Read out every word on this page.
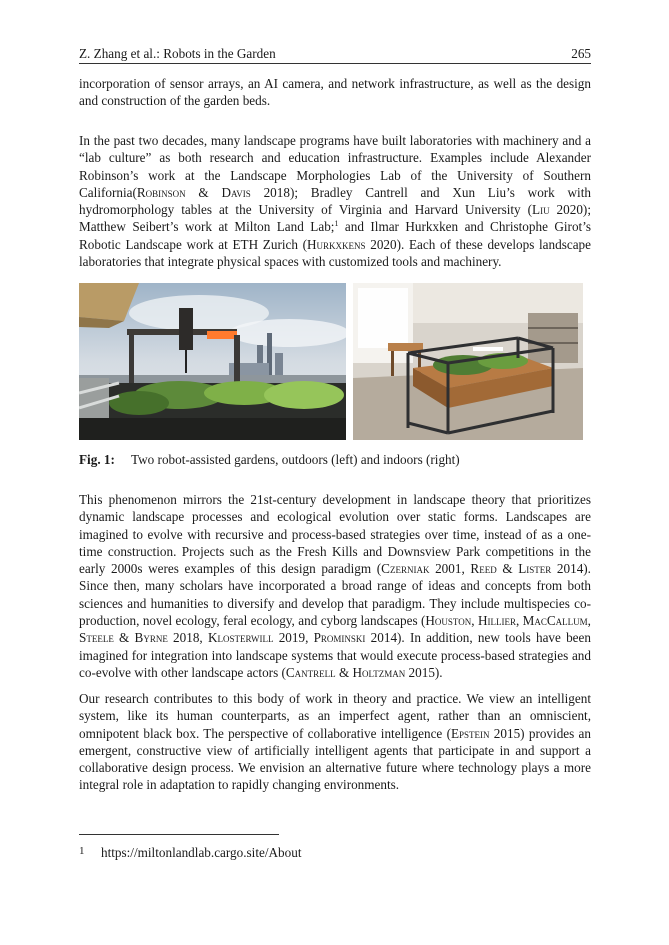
Z. Zhang et al.: Robots in the Garden	265

incorporation of sensor arrays, an AI camera, and network infrastructure, as well as the design and construction of the garden beds.

In the past two decades, many landscape programs have built laboratories with machinery and a “lab culture” as both research and education infrastructure. Examples include Alexander Robinson’s work at the Landscape Morphologies Lab of the University of Southern California(Robinson & Davis 2018); Bradley Cantrell and Xun Liu’s work with hydromorphology tables at the University of Virginia and Harvard University (Liu 2020); Matthew Seibert’s work at Milton Land Lab;$^1$ and Ilmar Hurkxken and Christophe Girot’s Robotic Landscape work at ETH Zurich (Hurkxkens 2020). Each of these develops landscape laboratories that integrate physical spaces with customized tools and machinery.

Fig. 1: Two robot-assisted gardens, outdoors (left) and indoors (right)

This phenomenon mirrors the 21st-century development in landscape theory that prioritizes dynamic landscape processes and ecological evolution over static forms. Landscapes are imagined to evolve with recursive and process-based strategies over time, instead of as a one-time construction. Projects such as the Fresh Kills and Downsview Park competitions in the early 2000s weres examples of this design paradigm (Czerniak 2001, Reed & Lister 2014). Since then, many scholars have incorporated a broad range of ideas and concepts from both sciences and humanities to diversify and develop that paradigm. They include multispecies co-production, novel ecology, feral ecology, and cyborg landscapes (Houston, Hillier, MacCallum, Steele & Byrne 2018, Klosterwill 2019, Prominski 2014). In addition, new tools have been imagined for integration into landscape systems that would execute process-based strategies and co-evolve with other landscape actors (Cantrell & Holtzman 2015).

Our research contributes to this body of work in theory and practice. We view an intelligent system, like its human counterparts, as an imperfect agent, rather than an omniscient, omnipotent black box. The perspective of collaborative intelligence (Epstein 2015) provides an emergent, constructive view of artificially intelligent agents that participate in and support a collaborative design process. We envision an alternative future where technology plays a more integral role in adaptation to rapidly changing environments.

1 https://miltonlandlab.cargo.site/About
